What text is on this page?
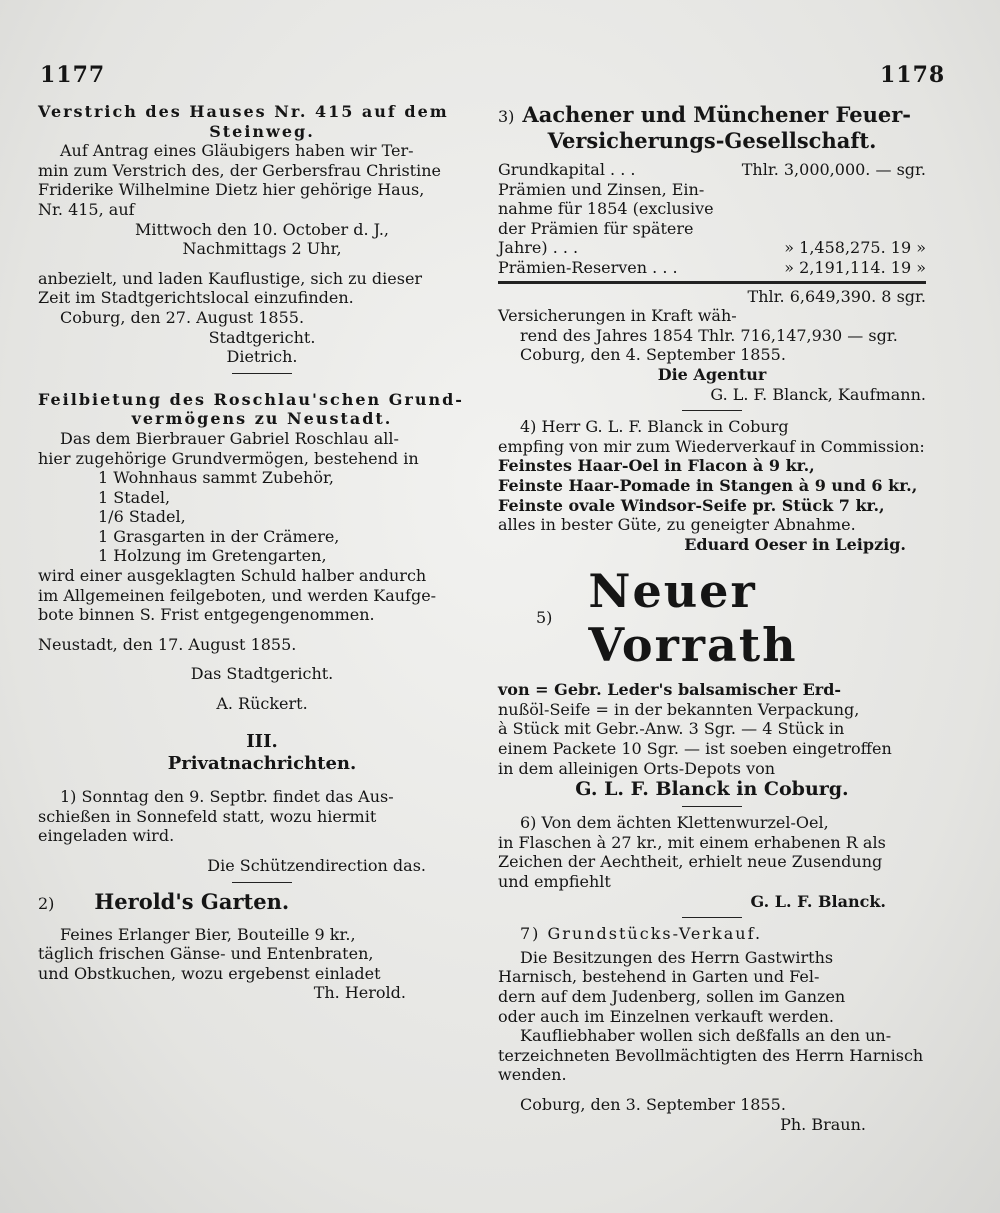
1177	1178

Verstrich des Hauses Nr. 415 auf dem

Steinweg.

Auf Antrag eines Gläubigers haben wir Ter-

min zum Verstrich des, der Gerbersfrau Christine

Friderike Wilhelmine Dietz hier gehörige Haus,

Nr. 415, auf

Mittwoch den 10. October d. J.,

Nachmittags 2 Uhr,

anbezielt, und laden Kauflustige, sich zu dieser

Zeit im Stadtgerichtslocal einzufinden.

Coburg, den 27. August 1855.

Stadtgericht.

Dietrich.

Feilbietung des Roschlau'schen Grund-

vermögens zu Neustadt.

Das dem Bierbrauer Gabriel Roschlau all-

hier zugehörige Grundvermögen, bestehend in

1 Wohnhaus sammt Zubehör,

1 Stadel,

1/6 Stadel,

1 Grasgarten in der Crämere,

1 Holzung im Gretengarten,

wird einer ausgeklagten Schuld halber andurch

im Allgemeinen feilgeboten, und werden Kaufge-

bote binnen S. Frist entgegengenommen.

Neustadt, den 17. August 1855.

Das Stadtgericht.

A. Rückert.

III.

Privatnachrichten.

1) Sonntag den 9. Septbr. findet das Aus-

schießen in Sonnefeld statt, wozu hiermit

eingeladen wird.

Die Schützendirection das.

2) Herold's Garten.

Feines Erlanger Bier, Bouteille 9 kr.,

täglich frischen Gänse- und Entenbraten,

und Obstkuchen, wozu ergebenst einladet

Th. Herold.

3) Aachener und Münchener Feuer-

Versicherungs-Gesellschaft.

Grundkapital . . .	Thlr. 3,000,000. — sgr.
Prämien und Zinsen, Ein-
nahme für 1854 (exclusive
der Prämien für spätere
Jahre) . . .	» 1,458,275. 19 »
Prämien-Reserven . . .	» 2,191,114. 19 »

Thlr. 6,649,390. 8 sgr.

Versicherungen in Kraft wäh-

rend des Jahres 1854 Thlr. 716,147,930 — sgr.

Coburg, den 4. September 1855.

Die Agentur

G. L. F. Blanck, Kaufmann.

4) Herr G. L. F. Blanck in Coburg

empfing von mir zum Wiederverkauf in Commission:

Feinstes Haar-Oel in Flacon à 9 kr.,

Feinste Haar-Pomade in Stangen à 9 und 6 kr.,

Feinste ovale Windsor-Seife pr. Stück 7 kr.,

alles in bester Güte, zu geneigter Abnahme.

Eduard Oeser in Leipzig.

5) Neuer Vorrath

von = Gebr. Leder's balsamischer Erd-

nußöl-Seife = in der bekannten Verpackung,

à Stück mit Gebr.-Anw. 3 Sgr. — 4 Stück in

einem Packete 10 Sgr. — ist soeben eingetroffen

in dem alleinigen Orts-Depots von

G. L. F. Blanck in Coburg.

6) Von dem ächten Klettenwurzel-Oel,

in Flaschen à 27 kr., mit einem erhabenen R als

Zeichen der Aechtheit, erhielt neue Zusendung

und empfiehlt

G. L. F. Blanck.

7) Grundstücks-Verkauf.

Die Besitzungen des Herrn Gastwirths

Harnisch, bestehend in Garten und Fel-

dern auf dem Judenberg, sollen im Ganzen

oder auch im Einzelnen verkauft werden.

Kaufliebhaber wollen sich deßfalls an den un-

terzeichneten Bevollmächtigten des Herrn Harnisch

wenden.

Coburg, den 3. September 1855.

Ph. Braun.
